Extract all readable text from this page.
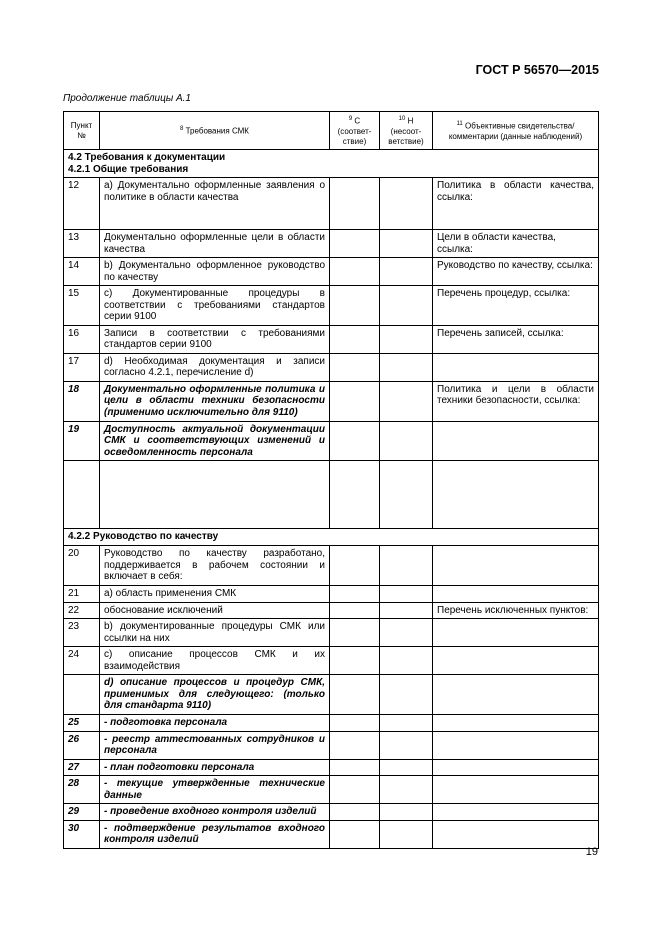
ГОСТ Р 56570—2015
Продолжение таблицы А.1
Пункт №	$^8$ Требования СМК	$^9$ С (соответ-ствие)	$^{10}$ Н (несоот-ветствие)	$^{11}$ Объективные свидетельства/ комментарии (данные наблюдений)

4.2 Требования к документации
4.2.1 Общие требования				

12	a) Документально оформленные заявления о политике в области качества			Политика в области качества, ссылка:
13	Документально оформленные цели в области качества			Цели в области качества, ссылка:
14	b) Документально оформленное руководство по качеству			Руководство по качеству, ссылка:
15	c) Документированные процедуры в соответствии с требованиями стандартов серии 9100			Перечень процедур, ссылка:
16	Записи в соответствии с требованиями стандартов серии 9100			Перечень записей, ссылка:
17	d) Необходимая документация и записи согласно 4.2.1, перечисление d)			
18	Документально оформленные политика и цели в области техники безопасности (применимо исключительно для 9110)			Политика и цели в области техники безопасности, ссылка:
19	Доступность актуальной документации СМК и соответствующих изменений и осведомленность персонала			

4.2.2 Руководство по качеству				
20	Руководство по качеству разработано, поддерживается в рабочем состоянии и включает в себя:			
21	a) область применения СМК			
22	обоснование исключений			Перечень исключенных пунктов:
23	b) документированные процедуры СМК или ссылки на них			
24	c) описание процессов СМК и их взаимодействия			
	d) описание процессов и процедур СМК, применимых для следующего: (только для стандарта 9110)			
25	- подготовка персонала			
26	- реестр аттестованных сотрудников и персонала			
27	- план подготовки персонала			
28	- текущие утвержденные технические данные			
29	- проведение входного контроля изделий			
30	- подтверждение результатов входного контроля изделий			
19
